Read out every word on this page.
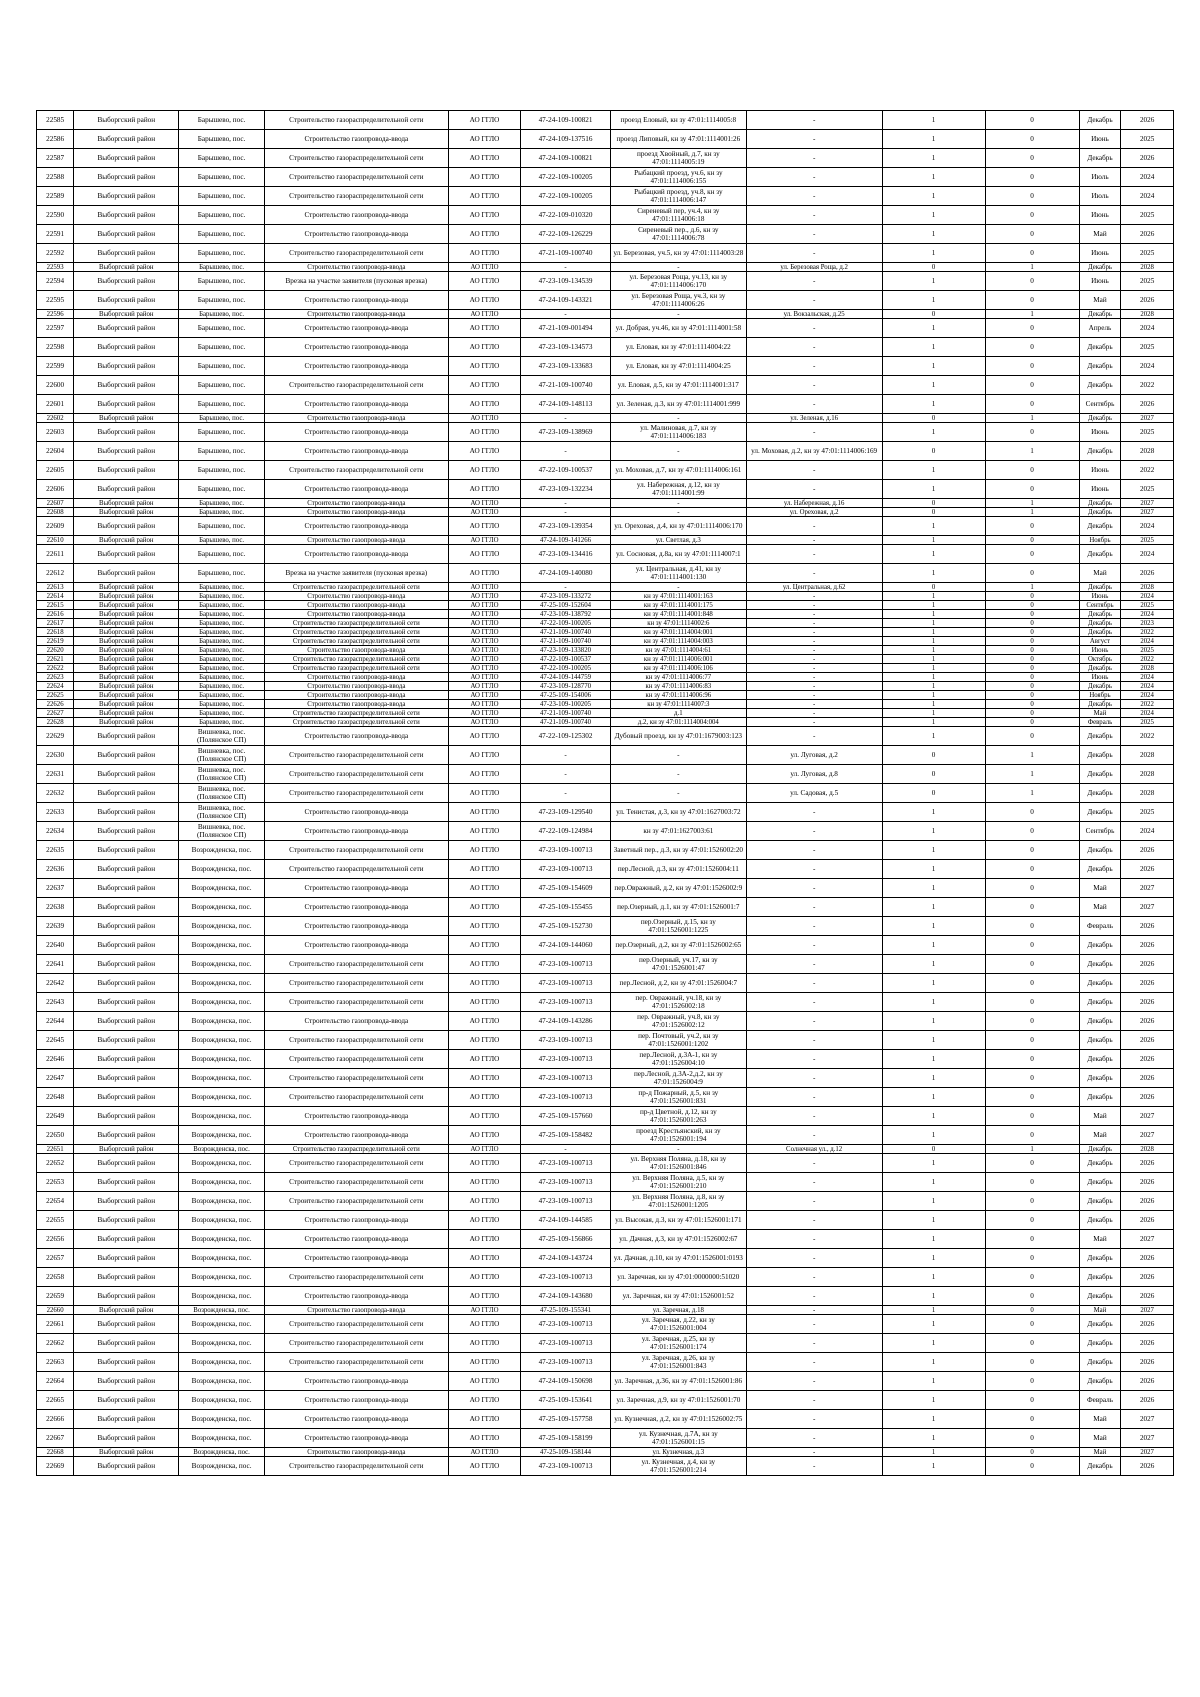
22585	Выборгский район	Барышево, пос.	Строительство газораспределительной сети	АО ГГЛО	47-24-109-100821	проезд Еловый, кн зу 47:01:1114005:8	-	1	0	Декабрь	2026
22586	Выборгский район	Барышево, пос.	Строительство газопровода-ввода	АО ГГЛО	47-24-109-137516	проезд Липовый, кн зу 47:01:1114001:26	-	1	0	Июнь	2025
22587	Выборгский район	Барышево, пос.	Строительство газораспределительной сети	АО ГГЛО	47-24-109-100821	проезд Хвойный, д.7, кн зу 47:01:1114005:19	-	1	0	Декабрь	2026
22588	Выборгский район	Барышево, пос.	Строительство газораспределительной сети	АО ГГЛО	47-22-109-100205	Рыбацкий проезд, уч.6, кн зу 47:01:1114006:155	-	1	0	Июль	2024
22589	Выборгский район	Барышево, пос.	Строительство газораспределительной сети	АО ГГЛО	47-22-109-100205	Рыбацкий проезд, уч.8, кн зу 47:01:1114006:147	-	1	0	Июль	2024
22590	Выборгский район	Барышево, пос.	Строительство газопровода-ввода	АО ГГЛО	47-22-109-010320	Сиреневый пер, уч.4, кн зу 47:01:1114006:18	-	1	0	Июнь	2025
22591	Выборгский район	Барышево, пос.	Строительство газопровода-ввода	АО ГГЛО	47-22-109-126229	Сиреневый пер., д.6, кн зу 47:01:1114006:78	-	1	0	Май	2026
22592	Выборгский район	Барышево, пос.	Строительство газораспределительной сети	АО ГГЛО	47-21-109-100740	ул. Березовая, уч.5, кн зу 47:01:1114003:28	-	1	0	Июнь	2025
22593	Выборгский район	Барышево, пос.	Строительство газопровода-ввода	АО ГГЛО	-	-	ул. Березовая Роща, д.2	0	1	Декабрь	2028
22594	Выборгский район	Барышево, пос.	Врезка на участке заявителя (пусковая врезка)	АО ГГЛО	47-23-109-134539	ул. Березовая Роща, уч.13, кн зу 47:01:1114006:170	-	1	0	Июнь	2025
22595	Выборгский район	Барышево, пос.	Строительство газопровода-ввода	АО ГГЛО	47-24-109-143321	ул. Березовая Роща, уч.3, кн зу 47:01:1114006:26	-	1	0	Май	2026
22596	Выборгский район	Барышево, пос.	Строительство газопровода-ввода	АО ГГЛО	-	-	ул. Вокзальская, д.25	0	1	Декабрь	2028
22597	Выборгский район	Барышево, пос.	Строительство газопровода-ввода	АО ГГЛО	47-21-109-001494	ул. Добрая, уч.46, кн зу 47:01:1114001:58	-	1	0	Апрель	2024
22598	Выборгский район	Барышево, пос.	Строительство газопровода-ввода	АО ГГЛО	47-23-109-134573	ул. Еловая, кн зу 47:01:1114004:22	-	1	0	Декабрь	2025
22599	Выборгский район	Барышево, пос.	Строительство газопровода-ввода	АО ГГЛО	47-23-109-133683	ул. Еловая, кн зу 47:01:1114004:25	-	1	0	Декабрь	2024
22600	Выборгский район	Барышево, пос.	Строительство газораспределительной сети	АО ГГЛО	47-21-109-100740	ул. Еловая, д.5, кн зу 47:01:1114001:317	-	1	0	Декабрь	2022
22601	Выборгский район	Барышево, пос.	Строительство газопровода-ввода	АО ГГЛО	47-24-109-148113	ул. Зеленая, д.3, кн зу 47:01:1114001:999	-	1	0	Сентябрь	2026
22602	Выборгский район	Барышево, пос.	Строительство газопровода-ввода	АО ГГЛО	-	-	ул. Зеленая, д.16	0	1	Декабрь	2027
22603	Выборгский район	Барышево, пос.	Строительство газопровода-ввода	АО ГГЛО	47-23-109-138969	ул. Малиновая, д.7, кн зу 47:01:1114006:183	-	1	0	Июнь	2025
22604	Выборгский район	Барышево, пос.	Строительство газопровода-ввода	АО ГГЛО	-	-	ул. Моховая, д.2, кн зу 47:01:1114006:169	0	1	Декабрь	2028
22605	Выборгский район	Барышево, пос.	Строительство газораспределительной сети	АО ГГЛО	47-22-109-100537	ул. Моховая, д.7, кн зу 47:01:1114006:161	-	1	0	Июнь	2022
22606	Выборгский район	Барышево, пос.	Строительство газопровода-ввода	АО ГГЛО	47-23-109-132234	ул. Набережная, д.12, кн зу 47:01:1114001:99	-	1	0	Июнь	2025
22607	Выборгский район	Барышево, пос.	Строительство газопровода-ввода	АО ГГЛО	-	-	ул. Набережная, д.16	0	1	Декабрь	2027
22608	Выборгский район	Барышево, пос.	Строительство газопровода-ввода	АО ГГЛО	-	-	ул. Ореховая, д.2	0	1	Декабрь	2027
22609	Выборгский район	Барышево, пос.	Строительство газопровода-ввода	АО ГГЛО	47-23-109-139354	ул. Ореховая, д.4, кн зу 47:01:1114006:170	-	1	0	Декабрь	2024
22610	Выборгский район	Барышево, пос.	Строительство газопровода-ввода	АО ГГЛО	47-24-109-141266	ул. Светлая, д.3	-	1	0	Ноябрь	2025
22611	Выборгский район	Барышево, пос.	Строительство газопровода-ввода	АО ГГЛО	47-23-109-134416	ул. Сосновая, д.8а, кн зу 47:01:1114007:1	-	1	0	Декабрь	2024
22612	Выборгский район	Барышево, пос.	Врезка на участке заявителя (пусковая врезка)	АО ГГЛО	47-24-109-140080	ул. Центральная, д.41, кн зу 47:01:1114001:130	-	1	0	Май	2026
22613	Выборгский район	Барышево, пос.	Строительство газораспределительной сети	АО ГГЛО	-	-	ул. Центральная, д.62	0	1	Декабрь	2028
22614	Выборгский район	Барышево, пос.	Строительство газопровода-ввода	АО ГГЛО	47-23-109-133272	кн зу 47:01:1114001:163	-	1	0	Июнь	2024
22615	Выборгский район	Барышево, пос.	Строительство газопровода-ввода	АО ГГЛО	47-25-109-152604	кн зу 47:01:1114001:175	-	1	0	Сентябрь	2025
22616	Выборгский район	Барышево, пос.	Строительство газопровода-ввода	АО ГГЛО	47-23-109-138792	кн зу 47:01:1114001:848	-	1	0	Декабрь	2024
22617	Выборгский район	Барышево, пос.	Строительство газораспределительной сети	АО ГГЛО	47-22-109-100205	кн зу 47:01:1114002:6	-	1	0	Декабрь	2023
22618	Выборгский район	Барышево, пос.	Строительство газораспределительной сети	АО ГГЛО	47-21-109-100740	кн зу 47:01:1114004:001	-	1	0	Декабрь	2022
22619	Выборгский район	Барышево, пос.	Строительство газораспределительной сети	АО ГГЛО	47-21-109-100740	кн зу 47:01:1114004:003	-	1	0	Август	2024
22620	Выборгский район	Барышево, пос.	Строительство газопровода-ввода	АО ГГЛО	47-23-109-133820	кн зу 47:01:1114004:61	-	1	0	Июнь	2025
22621	Выборгский район	Барышево, пос.	Строительство газораспределительной сети	АО ГГЛО	47-22-109-100537	кн зу 47:01:1114006:001	-	1	0	Октябрь	2022
22622	Выборгский район	Барышево, пос.	Строительство газораспределительной сети	АО ГГЛО	47-22-109-100205	кн зу 47:01:1114006:106	-	1	0	Декабрь	2028
22623	Выборгский район	Барышево, пос.	Строительство газопровода-ввода	АО ГГЛО	47-24-109-144759	кн зу 47:01:1114006:77	-	1	0	Июнь	2024
22624	Выборгский район	Барышево, пос.	Строительство газопровода-ввода	АО ГГЛО	47-23-109-128770	кн зу 47:01:1114006:83	-	1	0	Декабрь	2024
22625	Выборгский район	Барышево, пос.	Строительство газопровода-ввода	АО ГГЛО	47-25-109-154006	кн зу 47:01:1114006:96	-	1	0	Ноябрь	2024
22626	Выборгский район	Барышево, пос.	Строительство газопровода-ввода	АО ГГЛО	47-23-109-100205	кн зу 47:01:1114007:3	-	1	0	Декабрь	2022
22627	Выборгский район	Барышево, пос.	Строительство газораспределительной сети	АО ГГЛО	47-21-109-100740	д.1	-	1	0	Май	2024
22628	Выборгский район	Барышево, пос.	Строительство газораспределительной сети	АО ГГЛО	47-21-109-100740	д.2, кн зу 47:01:1114004:004	-	1	0	Февраль	2025
22629	Выборгский район	Вишневка, пос. (Полянское СП)	Строительство газопровода-ввода	АО ГГЛО	47-22-109-125302	Дубовый проезд, кн зу 47:01:1679003:123	-	1	0	Декабрь	2022
22630	Выборгский район	Вишневка, пос. (Полянское СП)	Строительство газораспределительной сети	АО ГГЛО	-	-	ул. Луговая, д.2	0	1	Декабрь	2028
22631	Выборгский район	Вишневка, пос. (Полянское СП)	Строительство газораспределительной сети	АО ГГЛО	-	-	ул. Луговая, д.8	0	1	Декабрь	2028
22632	Выборгский район	Вишневка, пос. (Полянское СП)	Строительство газораспределительной сети	АО ГГЛО	-	-	ул. Садовая, д.5	0	1	Декабрь	2028
22633	Выборгский район	Вишневка, пос. (Полянское СП)	Строительство газопровода-ввода	АО ГГЛО	47-23-109-129540	ул. Тенистая, д.3, кн зу 47:01:1627003:72	-	1	0	Декабрь	2025
22634	Выборгский район	Вишневка, пос. (Полянское СП)	Строительство газопровода-ввода	АО ГГЛО	47-22-109-124984	кн зу 47:01:1627003:61	-	1	0	Сентябрь	2024
22635	Выборгский район	Возрожденска, пос.	Строительство газораспределительной сети	АО ГГЛО	47-23-109-100713	Заветный пер., д.3, кн зу 47:01:1526002:20	-	1	0	Декабрь	2026
22636	Выборгский район	Возрожденска, пос.	Строительство газораспределительной сети	АО ГГЛО	47-23-109-100713	пер.Лесной, д.3, кн зу 47:01:1526004:11	-	1	0	Декабрь	2026
22637	Выборгский район	Возрожденска, пос.	Строительство газопровода-ввода	АО ГГЛО	47-25-109-154609	пер.Овражный, д.2, кн зу 47:01:1526002:9	-	1	0	Май	2027
22638	Выборгский район	Возрожденска, пос.	Строительство газопровода-ввода	АО ГГЛО	47-25-109-155455	пер.Озерный, д.1, кн зу 47:01:1526001:7	-	1	0	Май	2027
22639	Выборгский район	Возрожденска, пос.	Строительство газопровода-ввода	АО ГГЛО	47-25-109-152730	пер.Озерный, д.15, кн зу 47:01:1526001:1225	-	1	0	Февраль	2026
22640	Выборгский район	Возрожденска, пос.	Строительство газопровода-ввода	АО ГГЛО	47-24-109-144060	пер.Озерный, д.2, кн зу 47:01:1526002:65	-	1	0	Декабрь	2026
22641	Выборгский район	Возрожденска, пос.	Строительство газораспределительной сети	АО ГГЛО	47-23-109-100713	пер.Озерный, уч.17, кн зу 47:01:1526001:47	-	1	0	Декабрь	2026
22642	Выборгский район	Возрожденска, пос.	Строительство газораспределительной сети	АО ГГЛО	47-23-109-100713	пер.Лесной, д.2, кн зу 47:01:1526004:7	-	1	0	Декабрь	2026
22643	Выборгский район	Возрожденска, пос.	Строительство газораспределительной сети	АО ГГЛО	47-23-109-100713	пер. Овражный, уч.18, кн зу 47:01:1526002:18	-	1	0	Декабрь	2026
22644	Выборгский район	Возрожденска, пос.	Строительство газопровода-ввода	АО ГГЛО	47-24-109-143286	пер. Овражный, уч.8, кн зу 47:01:1526002:12	-	1	0	Декабрь	2026
22645	Выборгский район	Возрожденска, пос.	Строительство газораспределительной сети	АО ГГЛО	47-23-109-100713	пер. Почтовый, уч.2, кн зу 47:01:1526001:1202	-	1	0	Декабрь	2026
22646	Выборгский район	Возрожденска, пос.	Строительство газораспределительной сети	АО ГГЛО	47-23-109-100713	пер.Лесной, д.3А-1, кн зу 47:01:1526004:10	-	1	0	Декабрь	2026
22647	Выборгский район	Возрожденска, пос.	Строительство газораспределительной сети	АО ГГЛО	47-23-109-100713	пер.Лесной, д.3А-2,д.2, кн зу 47:01:1526004:9	-	1	0	Декабрь	2026
22648	Выборгский район	Возрожденска, пос.	Строительство газораспределительной сети	АО ГГЛО	47-23-109-100713	пр-д Пожарный, д.5, кн зу 47:01:1526001:831	-	1	0	Декабрь	2026
22649	Выборгский район	Возрожденска, пос.	Строительство газопровода-ввода	АО ГГЛО	47-25-109-157660	пр-д Цветной, д.12, кн зу 47:01:1526001:263	-	1	0	Май	2027
22650	Выборгский район	Возрожденска, пос.	Строительство газопровода-ввода	АО ГГЛО	47-25-109-158482	проезд Крестьянский, кн зу 47:01:1526001:194	-	1	0	Май	2027
22651	Выборгский район	Возрожденска, пос.	Строительство газораспределительной сети	АО ГГЛО	-	-	Солнечная ул., д.12	0	1	Декабрь	2028
22652	Выборгский район	Возрожденска, пос.	Строительство газораспределительной сети	АО ГГЛО	47-23-109-100713	ул. Верхняя Поляна, д.18, кн зу 47:01:1526001:846	-	1	0	Декабрь	2026
22653	Выборгский район	Возрожденска, пос.	Строительство газораспределительной сети	АО ГГЛО	47-23-109-100713	ул. Верхняя Поляна, д.5, кн зу 47:01:1526001:210	-	1	0	Декабрь	2026
22654	Выборгский район	Возрожденска, пос.	Строительство газораспределительной сети	АО ГГЛО	47-23-109-100713	ул. Верхняя Поляна, д.8, кн зу 47:01:1526001:1205	-	1	0	Декабрь	2026
22655	Выборгский район	Возрожденска, пос.	Строительство газопровода-ввода	АО ГГЛО	47-24-109-144585	ул. Высокая, д.3, кн зу 47:01:1526001:171	-	1	0	Декабрь	2026
22656	Выборгский район	Возрожденска, пос.	Строительство газопровода-ввода	АО ГГЛО	47-25-109-156866	ул. Дачная, д.3, кн зу 47:01:1526002:67	-	1	0	Май	2027
22657	Выборгский район	Возрожденска, пос.	Строительство газопровода-ввода	АО ГГЛО	47-24-109-143724	ул. Дачная, д.10, кн зу 47:01:1526001:0193	-	1	0	Декабрь	2026
22658	Выборгский район	Возрожденска, пос.	Строительство газораспределительной сети	АО ГГЛО	47-23-109-100713	ул. Заречная, кн зу 47:01:0000000:51020	-	1	0	Декабрь	2026
22659	Выборгский район	Возрожденска, пос.	Строительство газопровода-ввода	АО ГГЛО	47-24-109-143680	ул. Заречная, кн зу 47:01:1526001:52	-	1	0	Декабрь	2026
22660	Выборгский район	Возрожденска, пос.	Строительство газопровода-ввода	АО ГГЛО	47-25-109-155341	ул. Заречная, д.18	-	1	0	Май	2027
22661	Выборгский район	Возрожденска, пос.	Строительство газораспределительной сети	АО ГГЛО	47-23-109-100713	ул. Заречная, д.22, кн зу 47:01:1526001:004	-	1	0	Декабрь	2026
22662	Выборгский район	Возрожденска, пос.	Строительство газораспределительной сети	АО ГГЛО	47-23-109-100713	ул. Заречная, д.25, кн зу 47:01:1526001:174	-	1	0	Декабрь	2026
22663	Выборгский район	Возрожденска, пос.	Строительство газораспределительной сети	АО ГГЛО	47-23-109-100713	ул. Заречная, д.26, кн зу 47:01:1526001:843	-	1	0	Декабрь	2026
22664	Выборгский район	Возрожденска, пос.	Строительство газопровода-ввода	АО ГГЛО	47-24-109-150698	ул. Заречная, д.36, кн зу 47:01:1526001:86	-	1	0	Декабрь	2026
22665	Выборгский район	Возрожденска, пос.	Строительство газопровода-ввода	АО ГГЛО	47-25-109-153641	ул. Заречная, д.9, кн зу 47:01:1526001:70	-	1	0	Февраль	2026
22666	Выборгский район	Возрожденска, пос.	Строительство газопровода-ввода	АО ГГЛО	47-25-109-157758	ул. Кузнечная, д.2, кн зу 47:01:1526002:75	-	1	0	Май	2027
22667	Выборгский район	Возрожденска, пос.	Строительство газопровода-ввода	АО ГГЛО	47-25-109-158199	ул. Кузнечная, д.7А, кн зу 47:01:1526001:15	-	1	0	Май	2027
22668	Выборгский район	Возрожденска, пос.	Строительство газопровода-ввода	АО ГГЛО	47-25-109-158144	ул. Кузнечная, д.3	-	1	0	Май	2027
22669	Выборгский район	Возрожденска, пос.	Строительство газораспределительной сети	АО ГГЛО	47-23-109-100713	ул. Кузнечная, д.4, кн зу 47:01:1526001:214	-	1	0	Декабрь	2026
